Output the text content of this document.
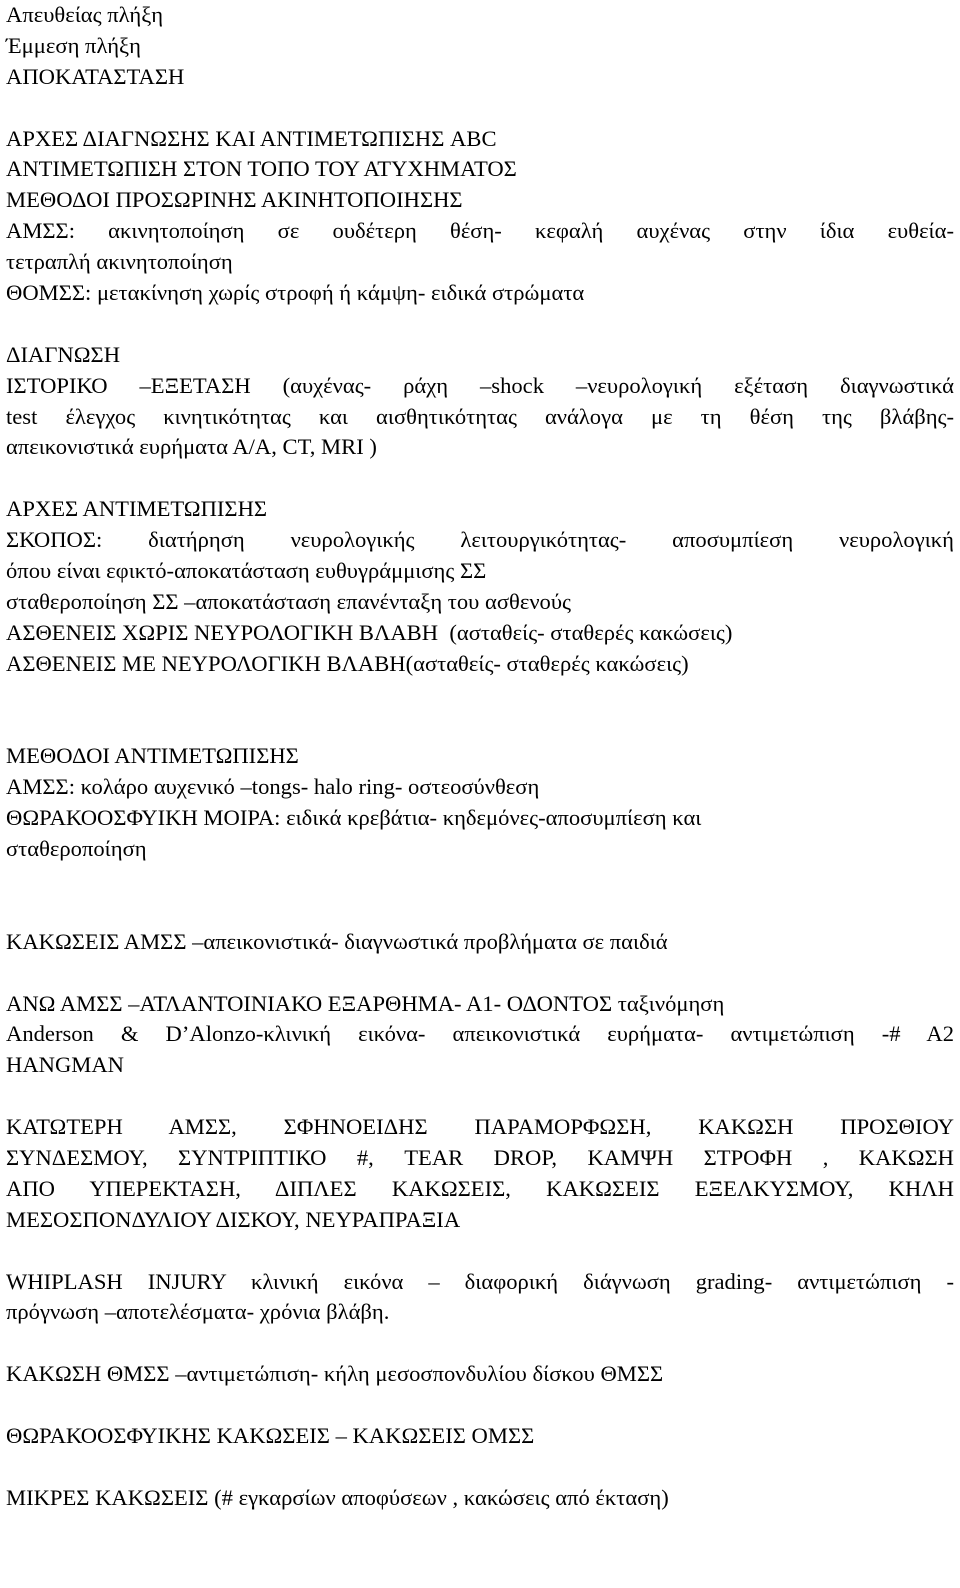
Απευθείας πλήξη
Έμμεση πλήξη
ΑΠΟΚΑΤΑΣΤΑΣΗ
ΑΡΧΕΣ ΔΙΑΓΝΩΣΗΣ ΚΑΙ ΑΝΤΙΜΕΤΩΠΙΣΗΣ ABC
ΑΝΤΙΜΕΤΩΠΙΣΗ ΣΤΟΝ ΤΟΠΟ ΤΟΥ ΑΤΥΧΗΜΑΤΟΣ
ΜΕΘΟΔΟΙ ΠΡΟΣΩΡΙΝΗΣ ΑΚΙΝΗΤΟΠΟΙΗΣΗΣ
ΑΜΣΣ: ακινητοποίηση σε ουδέτερη θέση- κεφαλή αυχένας στην ίδια ευθεία-
τετραπλή ακινητοποίηση
ΘΟΜΣΣ: μετακίνηση χωρίς στροφή ή κάμψη- ειδικά στρώματα
ΔΙΑΓΝΩΣΗ
ΙΣΤΟΡΙΚΟ –ΕΞΕΤΑΣΗ (αυχένας- ράχη –shock –νευρολογική εξέταση διαγνωστικά
test έλεγχος κινητικότητας και αισθητικότητας ανάλογα με τη θέση της βλάβης-
απεικονιστικά ευρήματα Α/Α, CT, MRI )
ΑΡΧΕΣ ΑΝΤΙΜΕΤΩΠΙΣΗΣ
ΣΚΟΠΟΣ: διατήρηση νευρολογικής λειτουργικότητας- αποσυμπίεση νευρολογική
όπου είναι εφικτό-αποκατάσταση ευθυγράμμισης ΣΣ
σταθεροποίηση ΣΣ –αποκατάσταση επανένταξη του ασθενούς
ΑΣΘΕΝΕΙΣ ΧΩΡΙΣ ΝΕΥΡΟΛΟΓΙΚΗ ΒΛΑΒΗ  (ασταθείς- σταθερές κακώσεις)
ΑΣΘΕΝΕΙΣ ΜΕ ΝΕΥΡΟΛΟΓΙΚΗ ΒΛΑΒΗ(ασταθείς- σταθερές κακώσεις)
ΜΕΘΟΔΟΙ ΑΝΤΙΜΕΤΩΠΙΣΗΣ
ΑΜΣΣ: κολάρο αυχενικό –tongs- halo ring- οστεοσύνθεση
ΘΩΡΑΚΟΟΣΦΥΙΚΗ ΜΟΙΡΑ: ειδικά κρεβάτια- κηδεμόνες-αποσυμπίεση και
σταθεροποίηση
ΚΑΚΩΣΕΙΣ ΑΜΣΣ –απεικονιστικά- διαγνωστικά προβλήματα σε παιδιά
ΑΝΩ ΑΜΣΣ –ΑΤΛΑΝΤΟΙΝΙΑΚΟ ΕΞΑΡΘΗΜΑ- Α1- ΟΔΟΝΤΟΣ ταξινόμηση
Anderson & D’Alonzo-κλινική εικόνα- απεικονιστικά ευρήματα- αντιμετώπιση -# Α2
HANGMAN
ΚΑΤΩΤΕΡΗ ΑΜΣΣ, ΣΦΗΝΟΕΙΔΗΣ ΠΑΡΑΜΟΡΦΩΣΗ, ΚΑΚΩΣΗ ΠΡΟΣΘΙΟΥ
ΣΥΝΔΕΣΜΟΥ, ΣΥΝΤΡΙΠΤΙΚΟ #, TEAR DROP, ΚΑΜΨΗ ΣΤΡΟΦΗ , ΚΑΚΩΣΗ
ΑΠΟ ΥΠΕΡΕΚΤΑΣΗ, ΔΙΠΛΕΣ ΚΑΚΩΣΕΙΣ, ΚΑΚΩΣΕΙΣ ΕΞΕΛΚΥΣΜΟΥ, ΚΗΛΗ
ΜΕΣΟΣΠΟΝΔΥΛΙΟΥ ΔΙΣΚΟΥ, ΝΕΥΡΑΠΡΑΞΙΑ
WHIPLASH INJURY κλινική εικόνα – διαφορική διάγνωση grading- αντιμετώπιση -
πρόγνωση –αποτελέσματα- χρόνια βλάβη.
ΚΑΚΩΣΗ ΘΜΣΣ –αντιμετώπιση- κήλη μεσοσπονδυλίου δίσκου ΘΜΣΣ
ΘΩΡΑΚΟΟΣΦΥΙΚΗΣ ΚΑΚΩΣΕΙΣ – ΚΑΚΩΣΕΙΣ ΟΜΣΣ
ΜΙΚΡΕΣ ΚΑΚΩΣΕΙΣ (# εγκαρσίων αποφύσεων , κακώσεις από έκταση)
